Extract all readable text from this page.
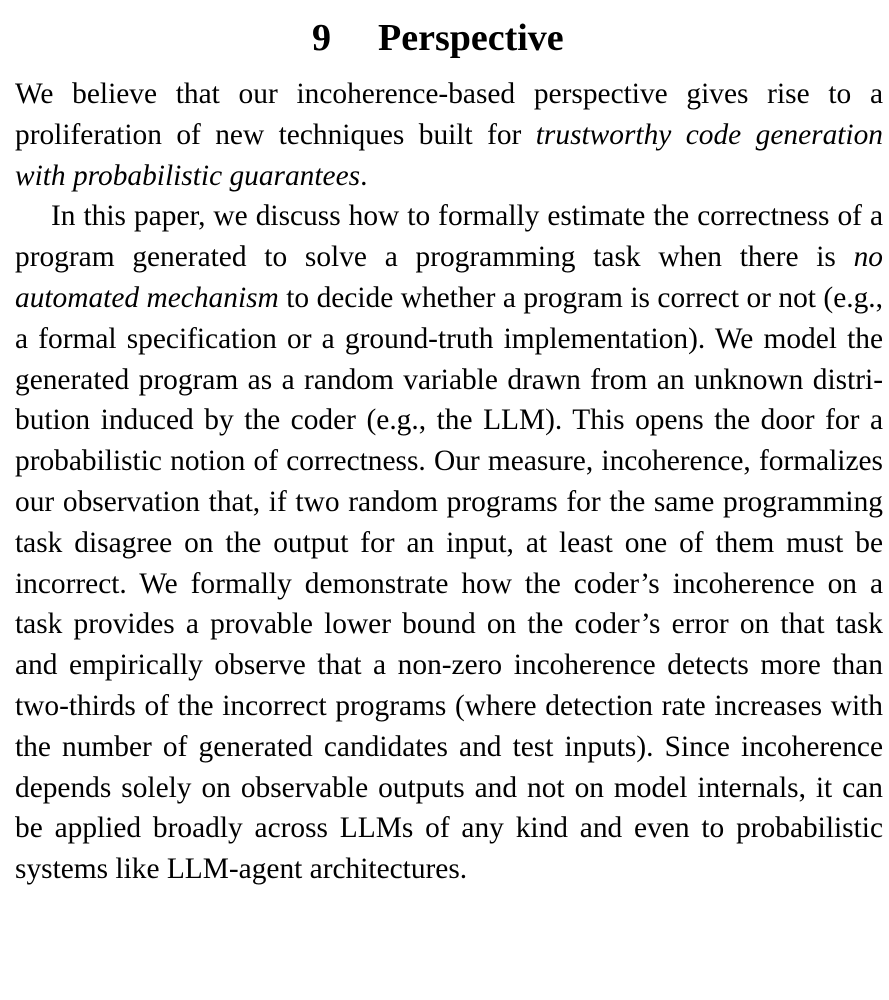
9 Perspective

We believe that our incoherence-based perspective gives rise to a proliferation of new techniques built for trustworthy code generation with probabilistic guarantees.

In this paper, we discuss how to formally estimate the correctness of a program generated to solve a programming task when there is no automated mechanism to decide whether a program is correct or not (e.g., a formal specification or a ground-truth implementation). We model the generated program as a random variable drawn from an unknown distribution induced by the coder (e.g., the LLM). This opens the door for a probabilistic notion of correctness. Our measure, incoherence, formalizes our observation that, if two random programs for the same programming task disagree on the output for an input, at least one of them must be incorrect. We formally demonstrate how the coder’s incoherence on a task provides a provable lower bound on the coder’s error on that task and empirically observe that a non-zero incoherence detects more than two-thirds of the incorrect programs (where detection rate increases with the number of generated candidates and test inputs). Since incoherence depends solely on observable outputs and not on model internals, it can be applied broadly across LLMs of any kind and even to probabilistic systems like LLM-agent architectures.
